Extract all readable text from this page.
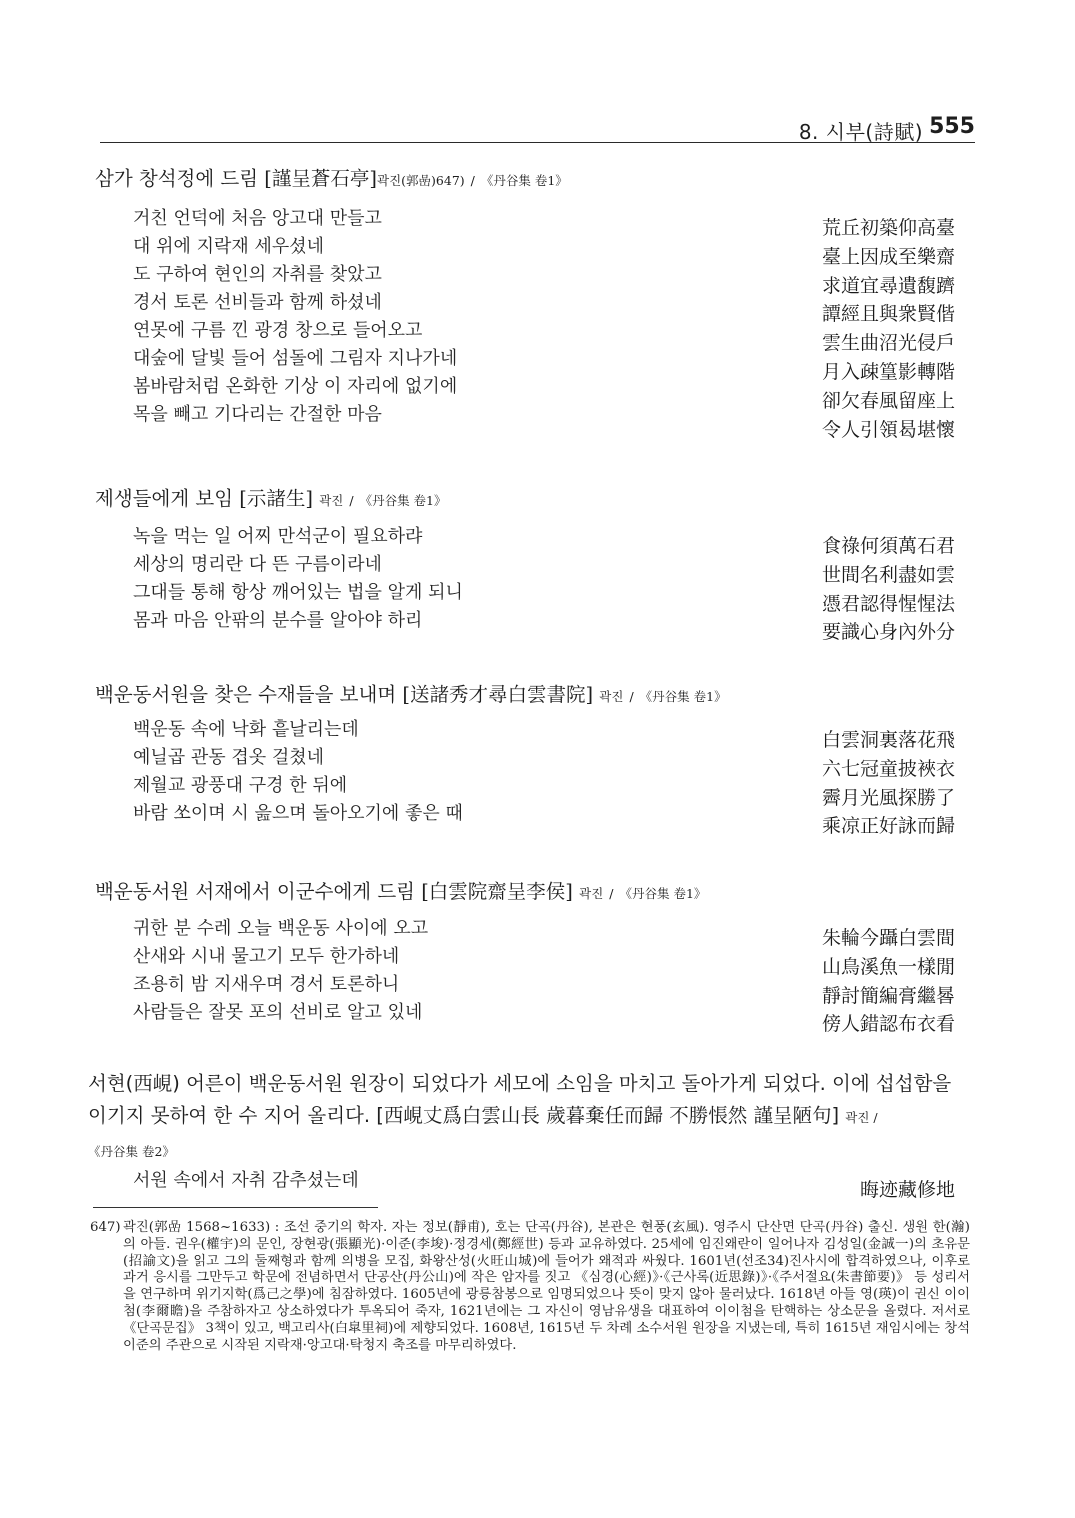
8. 시부(詩賦) 555
삼가 창석정에 드림 [謹呈蒼石亭]곽진(郭嵒)647) / 《丹谷集 卷1》
거친 언덕에 처음 앙고대 만들고
대 위에 지락재 세우셨네
도 구하여 현인의 자취를 찾았고
경서 토론 선비들과 함께 하셨네
연못에 구름 낀 광경 창으로 들어오고
대숲에 달빛 들어 섬돌에 그림자 지나가네
봄바람처럼 온화한 기상 이 자리에 없기에
목을 빼고 기다리는 간절한 마음
荒丘初築仰高臺
臺上因成至樂齋
求道宜尋遺馥躋
譚經且與衆賢偕
雲生曲沼光侵戶
月入疎篁影轉階
卻欠春風留座上
令人引領曷堪懷
제생들에게 보임 [示諸生] 곽진 / 《丹谷集 卷1》
녹을 먹는 일 어찌 만석군이 필요하랴
세상의 명리란 다 뜬 구름이라네
그대들 통해 항상 깨어있는 법을 알게 되니
몸과 마음 안팎의 분수를 알아야 하리
食祿何須萬石君
世間名利盡如雲
憑君認得惺惺法
要識心身內外分
백운동서원을 찾은 수재들을 보내며 [送諸秀才尋白雲書院] 곽진 / 《丹谷集 卷1》
백운동 속에 낙화 흩날리는데
예닐곱 관동 겹옷 걸쳤네
제월교 광풍대 구경 한 뒤에
바람 쏘이며 시 읊으며 돌아오기에 좋은 때
白雲洞裏落花飛
六七冠童披裌衣
霽月光風探勝了
乘凉正好詠而歸
백운동서원 서재에서 이군수에게 드림 [白雲院齋呈李侯] 곽진 / 《丹谷集 卷1》
귀한 분 수레 오늘 백운동 사이에 오고
산새와 시내 물고기 모두 한가하네
조용히 밤 지새우며 경서 토론하니
사람들은 잘못 포의 선비로 알고 있네
朱輪今躡白雲間
山鳥溪魚一樣閒
靜討簡編膏繼晷
傍人錯認布衣看
서현(西峴) 어른이 백운동서원 원장이 되었다가 세모에 소임을 마치고 돌아가게 되었다. 이에 섭섭함을 이기지 못하여 한 수 지어 올리다. [西峴丈爲白雲山長 歲暮棄任而歸 不勝悵然 謹呈陋句] 곽진 / 《丹谷集 卷2》
서원 속에서 자취 감추셨는데	晦迹藏修地
647) 곽진(郭嵒 1568~1633) : 조선 중기의 학자. 자는 정보(靜甫), 호는 단곡(丹谷), 본관은 현풍(玄風). 영주시 단산면 단곡(丹谷) 출신. 생원 한(瀚)의 아들. 권우(權宇)의 문인, 장현광(張顯光)·이준(李埈)·정경세(鄭經世) 등과 교유하였다. 25세에 임진왜란이 일어나자 김성일(金誠一)의 초유문(招諭文)을 읽고 그의 둘째형과 함께 의병을 모집, 화왕산성(火旺山城)에 들어가 왜적과 싸웠다. 1601년(선조34)진사시에 합격하였으나, 이후로 과거 응시를 그만두고 학문에 전념하면서 단공산(丹公山)에 작은 암자를 짓고 《심경(心經)》·《근사록(近思錄)》·《주서절요(朱書節要)》 등 성리서을 연구하며 위기지학(爲己之學)에 침잠하였다. 1605년에 광릉참봉으로 임명되었으나 뜻이 맞지 않아 물러났다. 1618년 아들 영(瑛)이 권신 이이첨(李爾瞻)을 주참하자고 상소하였다가 투옥되어 죽자, 1621년에는 그 자신이 영남유생을 대표하여 이이첨을 탄핵하는 상소문을 올렸다. 저서로 《단곡문집》 3책이 있고, 백고리사(白皐里祠)에 제향되었다. 1608년, 1615년 두 차례 소수서원 원장을 지냈는데, 특히 1615년 재임시에는 창석 이준의 주관으로 시작된 지락재·앙고대·탁청지 축조를 마무리하였다.
